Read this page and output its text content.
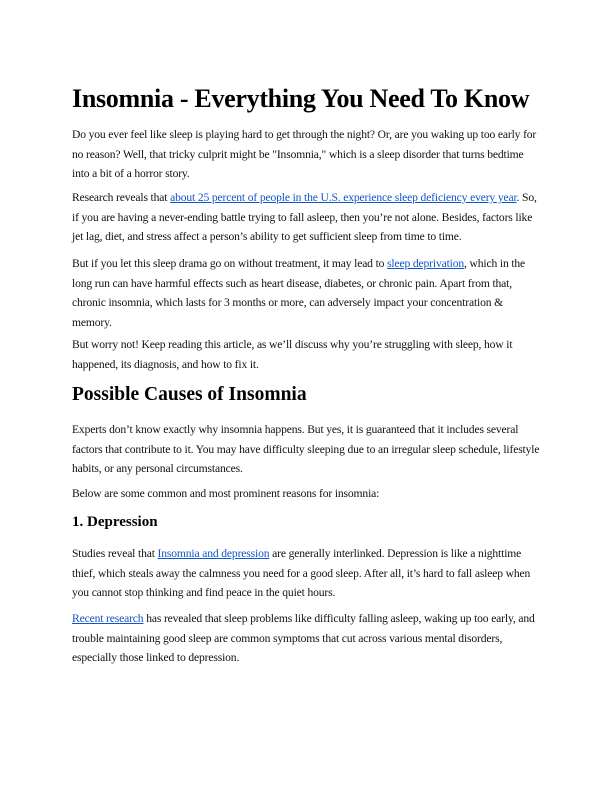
Insomnia - Everything You Need To Know
Do you ever feel like sleep is playing hard to get through the night? Or, are you waking up too early for
no reason? Well, that tricky culprit might be "Insomnia," which is a sleep disorder that turns bedtime
into a bit of a horror story.
Research reveals that about 25 percent of people in the U.S. experience sleep deficiency every year. So,
if you are having a never-ending battle trying to fall asleep, then you’re not alone. Besides, factors like
jet lag, diet, and stress affect a person’s ability to get sufficient sleep from time to time.
But if you let this sleep drama go on without treatment, it may lead to sleep deprivation, which in the
long run can have harmful effects such as heart disease, diabetes, or chronic pain. Apart from that,
chronic insomnia, which lasts for 3 months or more, can adversely impact your concentration &
memory.
But worry not! Keep reading this article, as we’ll discuss why you’re struggling with sleep, how it
happened, its diagnosis, and how to fix it.
Possible Causes of Insomnia
Experts don’t know exactly why insomnia happens. But yes, it is guaranteed that it includes several
factors that contribute to it. You may have difficulty sleeping due to an irregular sleep schedule, lifestyle
habits, or any personal circumstances.
Below are some common and most prominent reasons for insomnia:
1. Depression
Studies reveal that Insomnia and depression are generally interlinked. Depression is like a nighttime
thief, which steals away the calmness you need for a good sleep. After all, it’s hard to fall asleep when
you cannot stop thinking and find peace in the quiet hours.
Recent research has revealed that sleep problems like difficulty falling asleep, waking up too early, and
trouble maintaining good sleep are common symptoms that cut across various mental disorders,
especially those linked to depression.
